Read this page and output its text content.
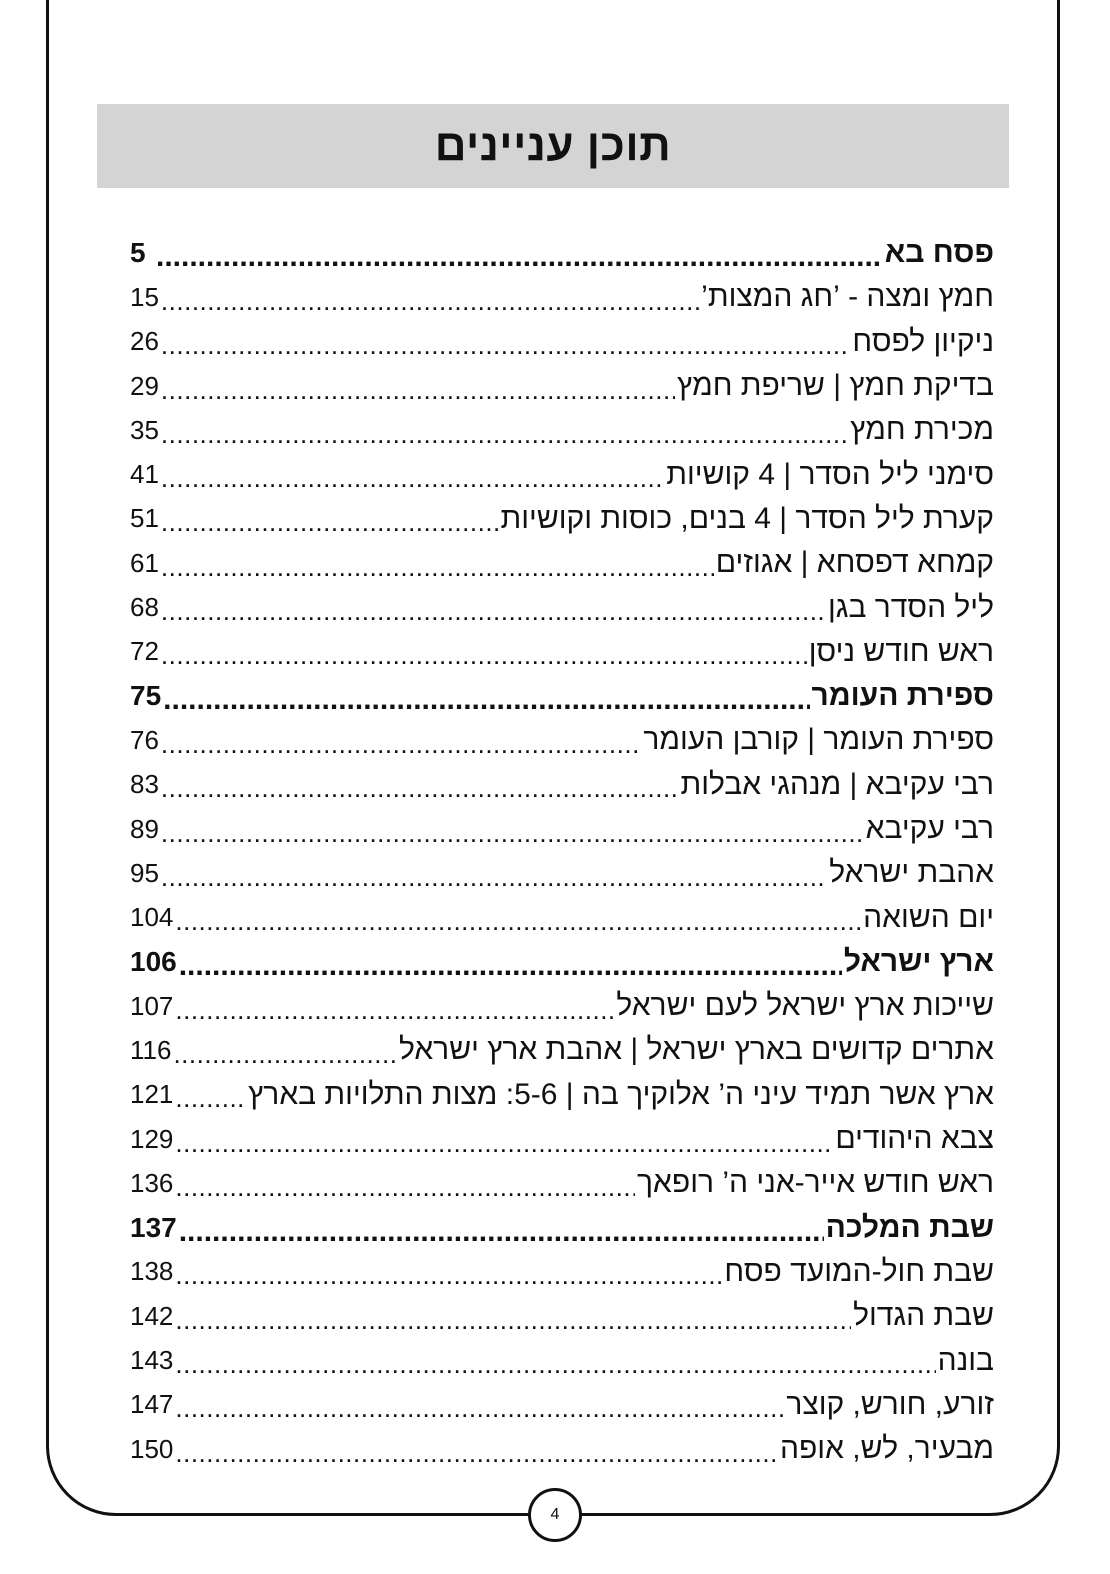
תוכן עניינים
פסח בא
.....
5
חמץ ומצה - ’חג המצות’
.....
15
ניקיון לפסח
.....
26
בדיקת חמץ | שריפת חמץ
.....
29
מכירת חמץ
.....
35
סימני ליל הסדר | 4 קושיות
.....
41
קערת ליל הסדר | 4 בנים, כוסות וקושיות
.....
51
קמחא דפסחא | אגוזים
.....
61
ליל הסדר בגן
.....
68
ראש חודש ניסן
.....
72
ספירת העומר
.....
75
ספירת העומר | קורבן העומר
.....
76
רבי עקיבא | מנהגי אבלות
.....
83
רבי עקיבא
.....
89
אהבת ישראל
.....
95
יום השואה
.....
104
ארץ ישראל
.....
106
שייכות ארץ ישראל לעם ישראל
.....
107
אתרים קדושים בארץ ישראל | אהבת ארץ ישראל
.....
116
ארץ אשר תמיד עיני ה’ אלוקיך בה | 5-6: מצות התלויות בארץ
.....
121
צבא היהודים
.....
129
ראש חודש אייר-אני ה’ רופאך
.....
136
שבת המלכה
.....
137
שבת חול-המועד פסח
.....
138
שבת הגדול
.....
142
בונה
.....
143
זורע, חורש, קוצר
.....
147
מבעיר, לש, אופה
.....
150
4
